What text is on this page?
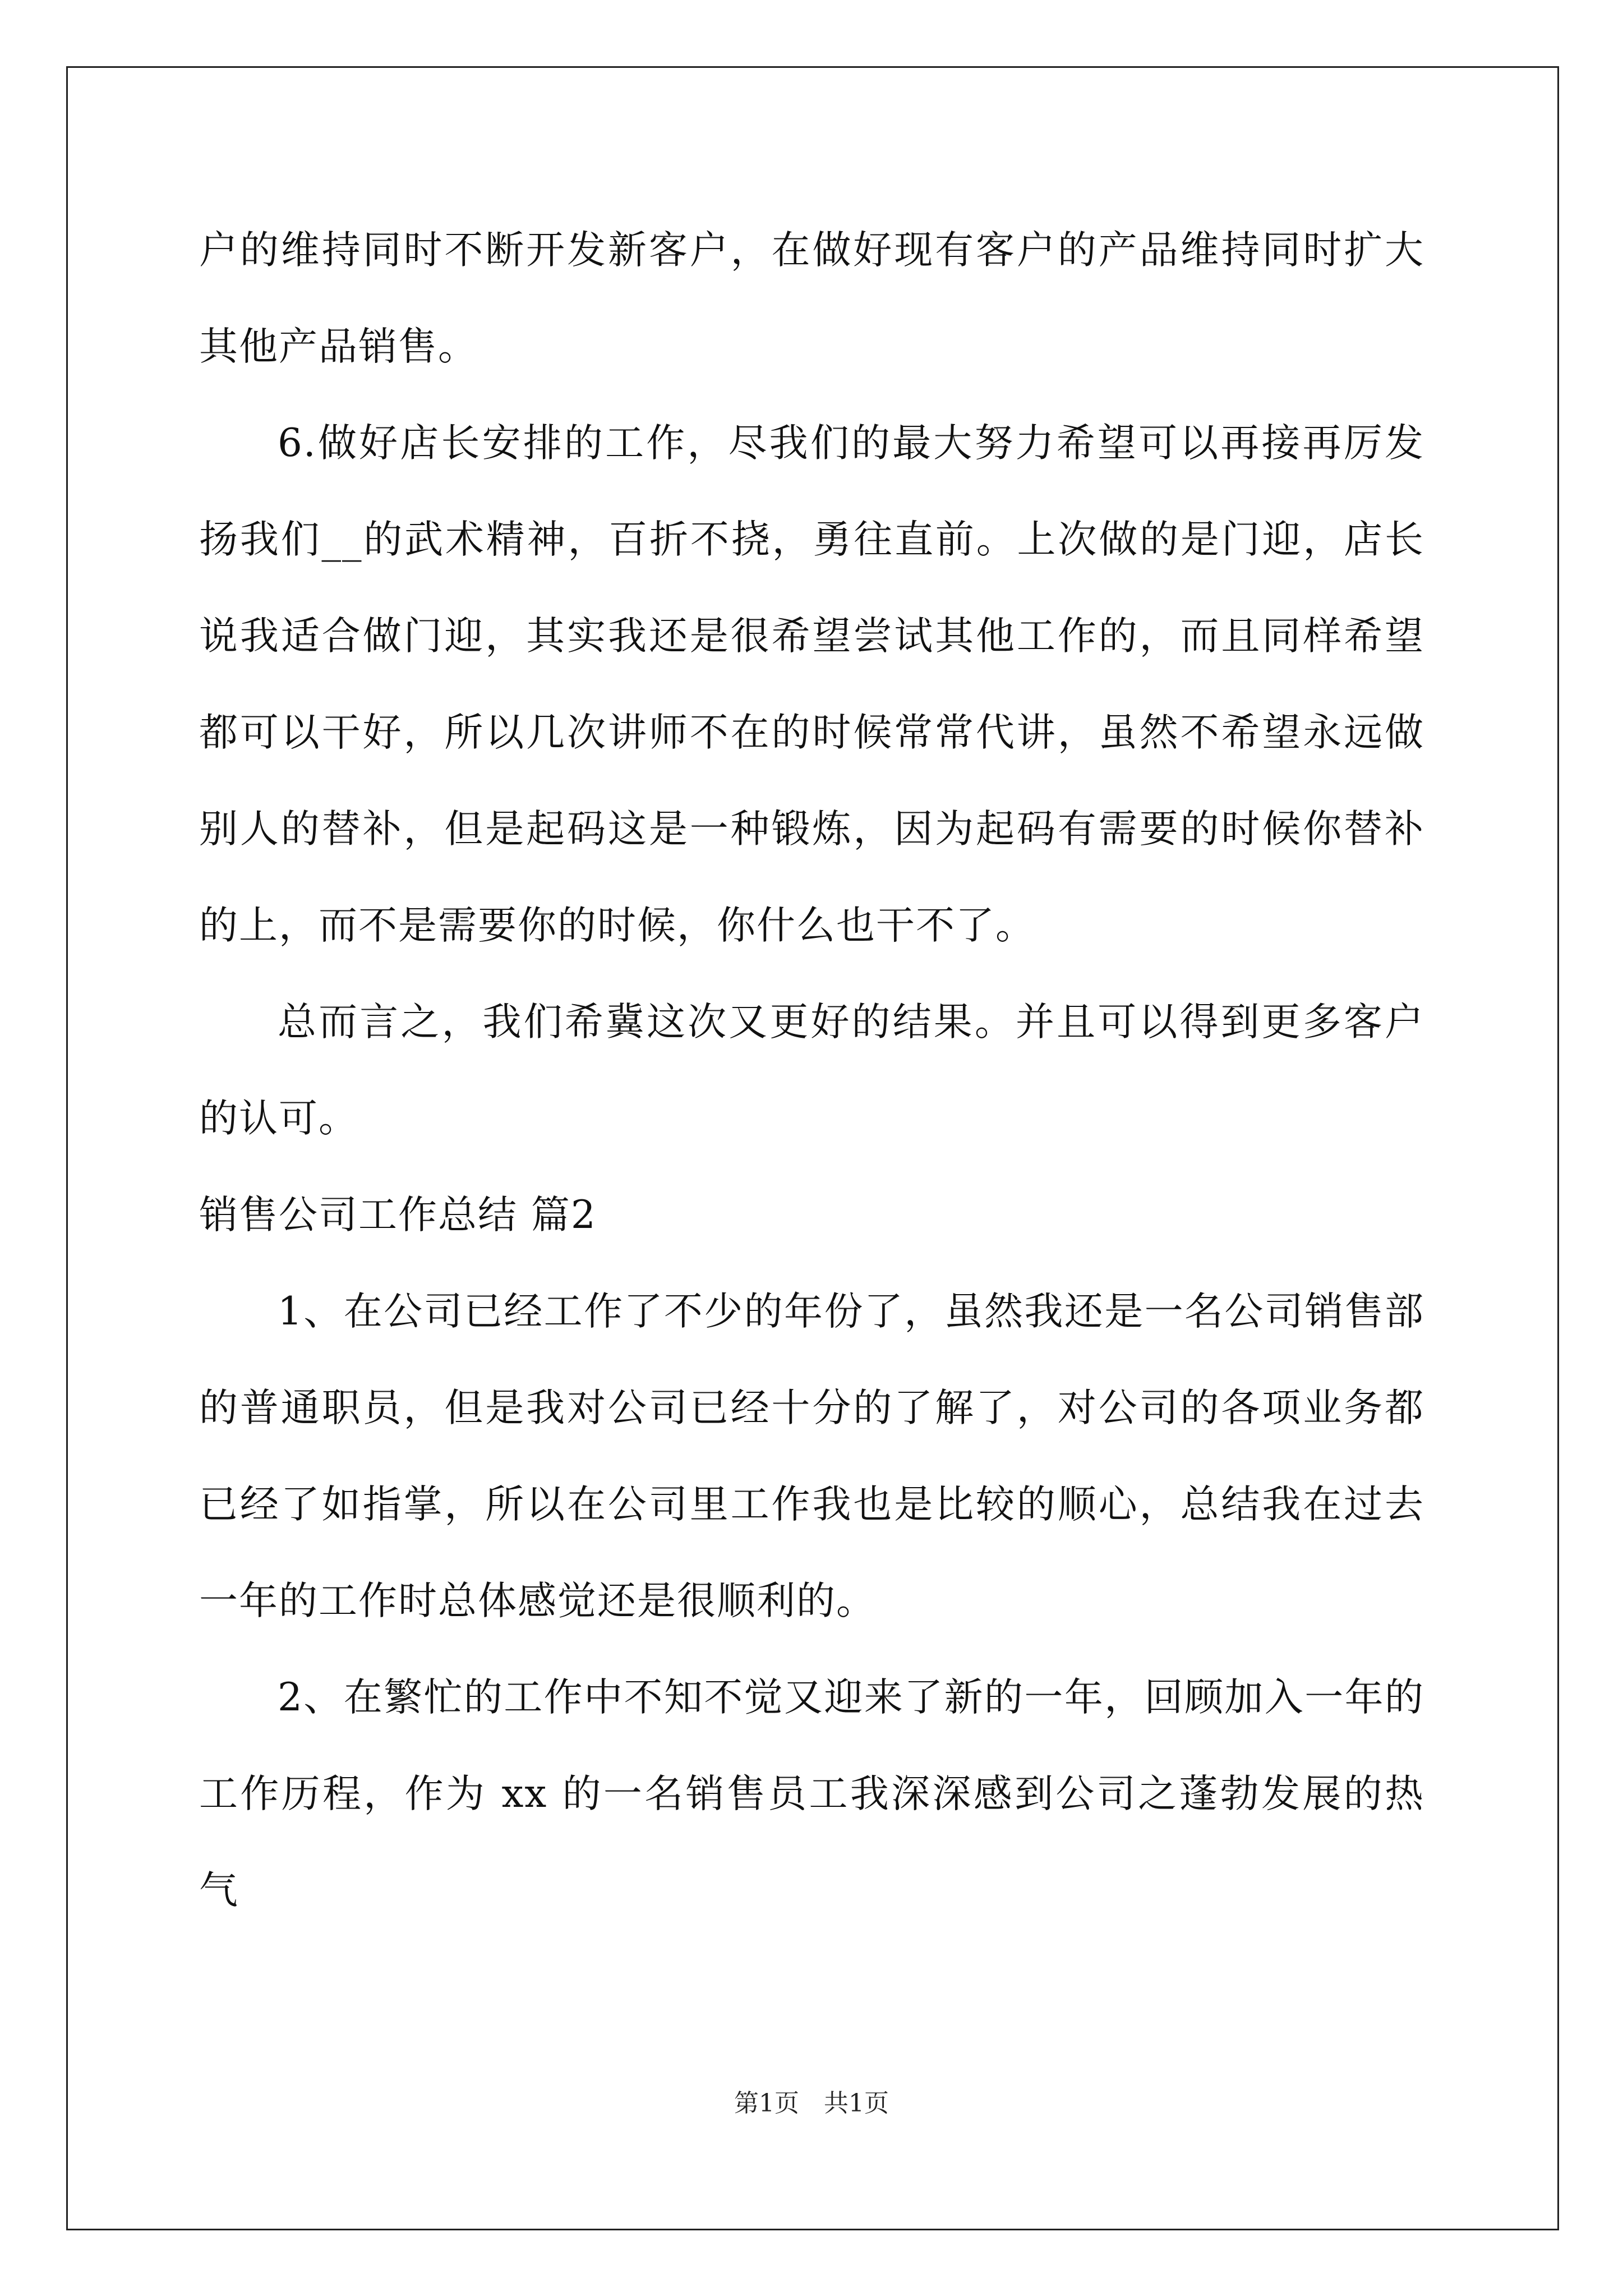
户的维持同时不断开发新客户，在做好现有客户的产品维持同时扩大其他产品销售。

6.做好店长安排的工作，尽我们的最大努力希望可以再接再厉发扬我们__的武术精神，百折不挠，勇往直前。上次做的是门迎，店长说我适合做门迎，其实我还是很希望尝试其他工作的，而且同样希望都可以干好，所以几次讲师不在的时候常常代讲，虽然不希望永远做别人的替补，但是起码这是一种锻炼，因为起码有需要的时候你替补的上，而不是需要你的时候，你什么也干不了。

总而言之，我们希冀这次又更好的结果。并且可以得到更多客户的认可。

销售公司工作总结 篇2

1、在公司已经工作了不少的年份了，虽然我还是一名公司销售部的普通职员，但是我对公司已经十分的了解了，对公司的各项业务都已经了如指掌，所以在公司里工作我也是比较的顺心，总结我在过去一年的工作时总体感觉还是很顺利的。

2、在繁忙的工作中不知不觉又迎来了新的一年，回顾加入一年的工作历程，作为 xx 的一名销售员工我深深感到公司之蓬勃发展的热气

第1页　共1页
